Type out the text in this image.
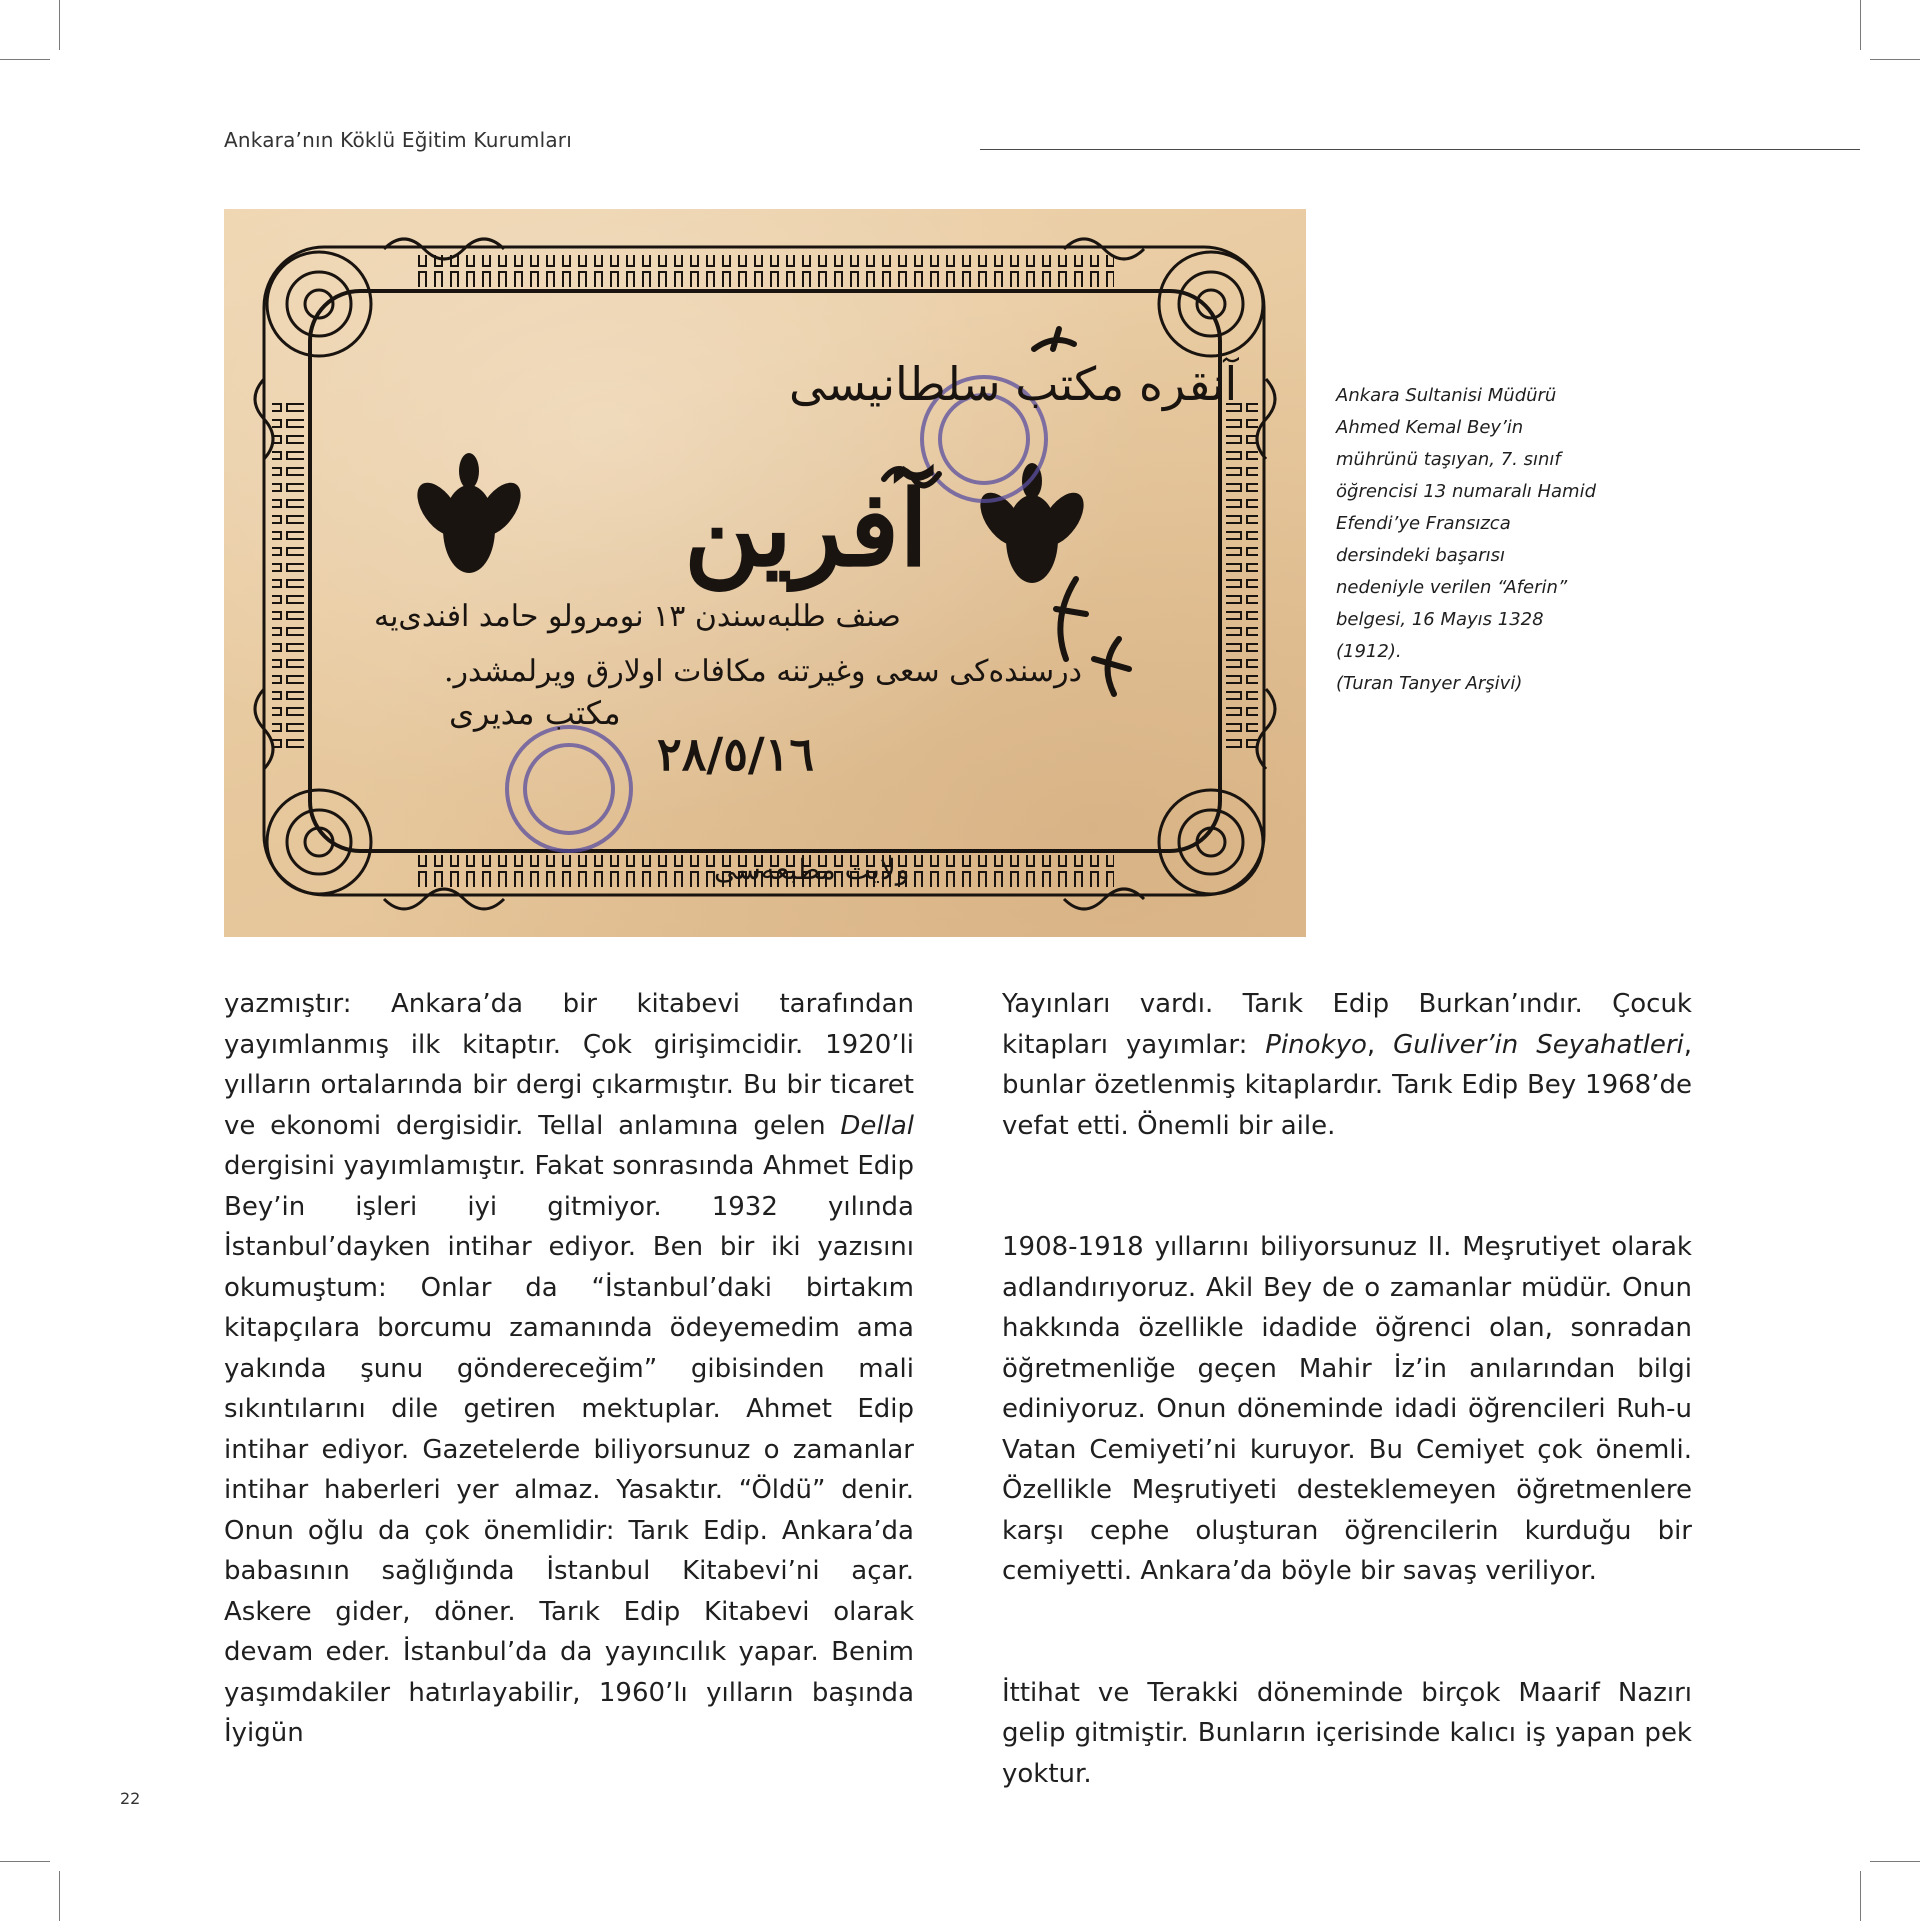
Ankara’nın Köklü Eğitim Kurumları
آنقره مكتب سلطانيسى
آفرين
صنف طلبه‌سندن ١٣ نومرولو حامد افندى‌يه
درسنده‌كى سعى وغيرتنه مكافات اولارق ويرلمشدر.
مكتب مديرى
٢٨/٥/١٦
ولايت مطبعه‌سى

Ankara Sultanisi Müdürü Ahmed Kemal Bey’in mührünü taşıyan, 7. sınıf öğrencisi 13 numaralı Hamid Efendi’ye Fransızca dersindeki başarısı nedeniyle verilen “Aferin” belgesi, 16 Mayıs 1328 (1912).

(Turan Tanyer Arşivi)

yazmıştır: Ankara’da bir kitabevi tarafından yayımlanmış ilk kitaptır. Çok girişimcidir. 1920’li yılların ortalarında bir dergi çıkarmıştır. Bu bir ticaret ve ekonomi dergisidir. Tellal anlamına gelen Dellal dergisini yayımlamıştır. Fakat sonrasında Ahmet Edip Bey’in işleri iyi gitmiyor. 1932 yılında İstanbul’dayken intihar ediyor. Ben bir iki yazısını okumuştum: Onlar da “İstanbul’daki birtakım kitapçılara borcumu zamanında ödeyemedim ama yakında şunu göndereceğim” gibisinden mali sıkıntılarını dile getiren mektuplar. Ahmet Edip intihar ediyor. Gazetelerde biliyorsunuz o zamanlar intihar haberleri yer almaz. Yasaktır. “Öldü” denir. Onun oğlu da çok önemlidir: Tarık Edip. Ankara’da babasının sağlığında İstanbul Kitabevi’ni açar. Askere gider, döner. Tarık Edip Kitabevi olarak devam eder. İstanbul’da da yayıncılık yapar. Benim yaşımdakiler hatırlayabilir, 1960’lı yılların başında İyigün

Yayınları vardı. Tarık Edip Burkan’ındır. Çocuk kitapları yayımlar: Pinokyo, Guliver’in Seyahatleri, bunlar özetlenmiş kitaplardır. Tarık Edip Bey 1968’de vefat etti. Önemli bir aile.

1908-1918 yıllarını biliyorsunuz II. Meşrutiyet olarak adlandırıyoruz. Akil Bey de o zamanlar müdür. Onun hakkında özellikle idadide öğrenci olan, sonradan öğretmenliğe geçen Mahir İz’in anılarından bilgi ediniyoruz. Onun döneminde idadi öğrencileri Ruh-u Vatan Cemiyeti’ni kuruyor. Bu Cemiyet çok önemli. Özellikle Meşrutiyeti desteklemeyen öğretmenlere karşı cephe oluşturan öğrencilerin kurduğu bir cemiyetti. Ankara’da böyle bir savaş veriliyor.

İttihat ve Terakki döneminde birçok Maarif Nazırı gelip gitmiştir. Bunların içerisinde kalıcı iş yapan pek yoktur.

22
